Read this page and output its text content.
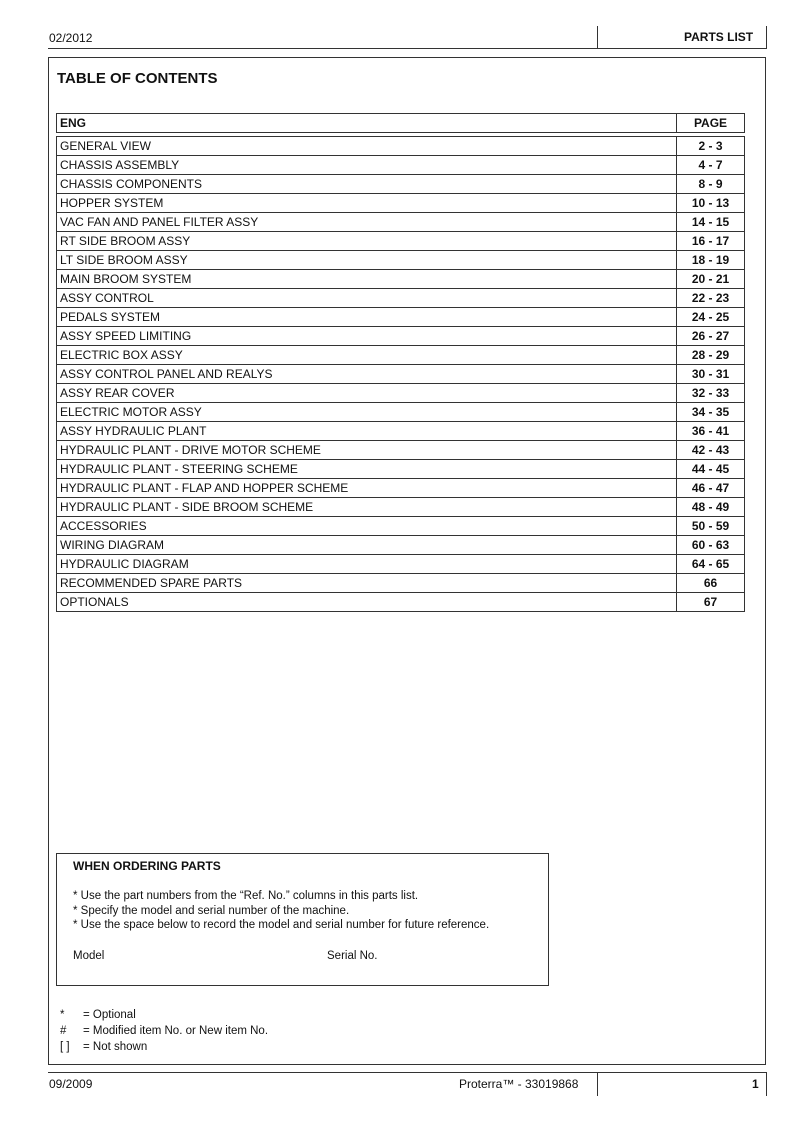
02/2012	PARTS LIST
TABLE OF CONTENTS
ENG	PAGE

GENERAL VIEW	2 - 3
CHASSIS ASSEMBLY	4 - 7
CHASSIS COMPONENTS	8 - 9
HOPPER SYSTEM	10 - 13
VAC FAN AND PANEL FILTER ASSY	14 - 15
RT SIDE BROOM ASSY	16 - 17
LT SIDE BROOM ASSY	18 - 19
MAIN BROOM SYSTEM	20 - 21
ASSY CONTROL	22 - 23
PEDALS SYSTEM	24 - 25
ASSY SPEED LIMITING	26 - 27
ELECTRIC BOX ASSY	28 - 29
ASSY CONTROL PANEL AND REALYS	30 - 31
ASSY REAR COVER	32 - 33
ELECTRIC MOTOR ASSY	34 - 35
ASSY HYDRAULIC PLANT	36 - 41
HYDRAULIC PLANT - DRIVE MOTOR SCHEME	42 - 43
HYDRAULIC PLANT - STEERING SCHEME	44 - 45
HYDRAULIC PLANT - FLAP AND HOPPER SCHEME	46 - 47
HYDRAULIC PLANT - SIDE BROOM SCHEME	48 - 49
ACCESSORIES	50 - 59
WIRING DIAGRAM	60 - 63
HYDRAULIC DIAGRAM	64 - 65
RECOMMENDED SPARE PARTS	66
OPTIONALS	67
WHEN ORDERING PARTS
* Use the part numbers from the “Ref. No.” columns in this parts list.
* Specify the model and serial number of the machine.
* Use the space below to record the model and serial number for future reference.
Model	Serial No.
* = Optional
# = Modified item No. or New item No.
[ ] = Not shown
09/2009	Proterra™ - 33019868	1
